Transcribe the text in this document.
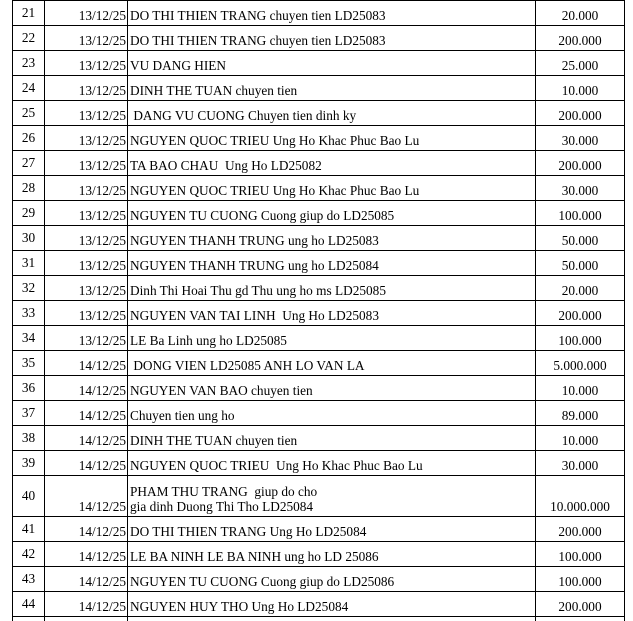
21	13/12/25	DO THI THIEN TRANG chuyen tien LD25083	20.000
22	13/12/25	DO THI THIEN TRANG chuyen tien LD25083	200.000
23	13/12/25	VU DANG HIEN	25.000
24	13/12/25	DINH THE TUAN chuyen tien	10.000
25	13/12/25	DANG VU CUONG Chuyen tien dinh ky	200.000
26	13/12/25	NGUYEN QUOC TRIEU Ung Ho Khac Phuc Bao Lu	30.000
27	13/12/25	TA BAO CHAU  Ung Ho LD25082	200.000
28	13/12/25	NGUYEN QUOC TRIEU Ung Ho Khac Phuc Bao Lu	30.000
29	13/12/25	NGUYEN TU CUONG Cuong giup do LD25085	100.000
30	13/12/25	NGUYEN THANH TRUNG ung ho LD25083	50.000
31	13/12/25	NGUYEN THANH TRUNG ung ho LD25084	50.000
32	13/12/25	Dinh Thi Hoai Thu gd Thu ung ho ms LD25085	20.000
33	13/12/25	NGUYEN VAN TAI LINH  Ung Ho LD25083	200.000
34	13/12/25	LE Ba Linh ung ho LD25085	100.000
35	14/12/25	DONG VIEN LD25085 ANH LO VAN LA	5.000.000
36	14/12/25	NGUYEN VAN BAO chuyen tien	10.000
37	14/12/25	Chuyen tien ung ho	89.000
38	14/12/25	DINH THE TUAN chuyen tien	10.000
39	14/12/25	NGUYEN QUOC TRIEU  Ung Ho Khac Phuc Bao Lu	30.000
40	14/12/25	PHAM THU TRANG  giup do cho
gia dinh Duong Thi Tho LD25084	10.000.000
41	14/12/25	DO THI THIEN TRANG Ung Ho LD25084	200.000
42	14/12/25	LE BA NINH LE BA NINH ung ho LD 25086	100.000
43	14/12/25	NGUYEN TU CUONG Cuong giup do LD25086	100.000
44	14/12/25	NGUYEN HUY THO Ung Ho LD25084	200.000
